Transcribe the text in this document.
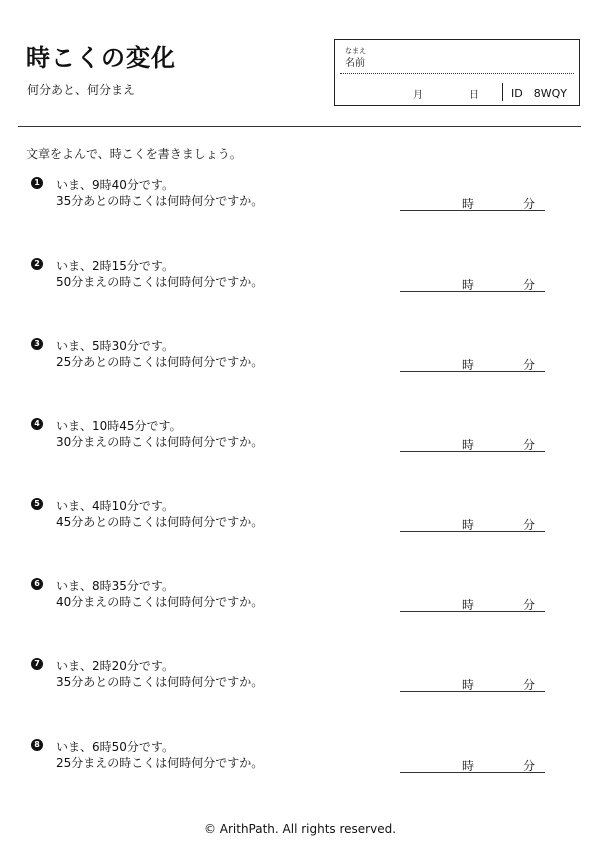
時こくの変化
何分あと、何分まえ
なまえ
名前
月	日	ID　8WQY
文章をよんで、時こくを書きましょう。
1 いま、9時40分です。
35分あとの時こくは何時何分ですか。	時	分
2 いま、2時15分です。
50分まえの時こくは何時何分ですか。	時	分
3 いま、5時30分です。
25分あとの時こくは何時何分ですか。	時	分
4 いま、10時45分です。
30分まえの時こくは何時何分ですか。	時	分
5 いま、4時10分です。
45分あとの時こくは何時何分ですか。	時	分
6 いま、8時35分です。
40分まえの時こくは何時何分ですか。	時	分
7 いま、2時20分です。
35分あとの時こくは何時何分ですか。	時	分
8 いま、6時50分です。
25分まえの時こくは何時何分ですか。	時	分
© ArithPath. All rights reserved.
